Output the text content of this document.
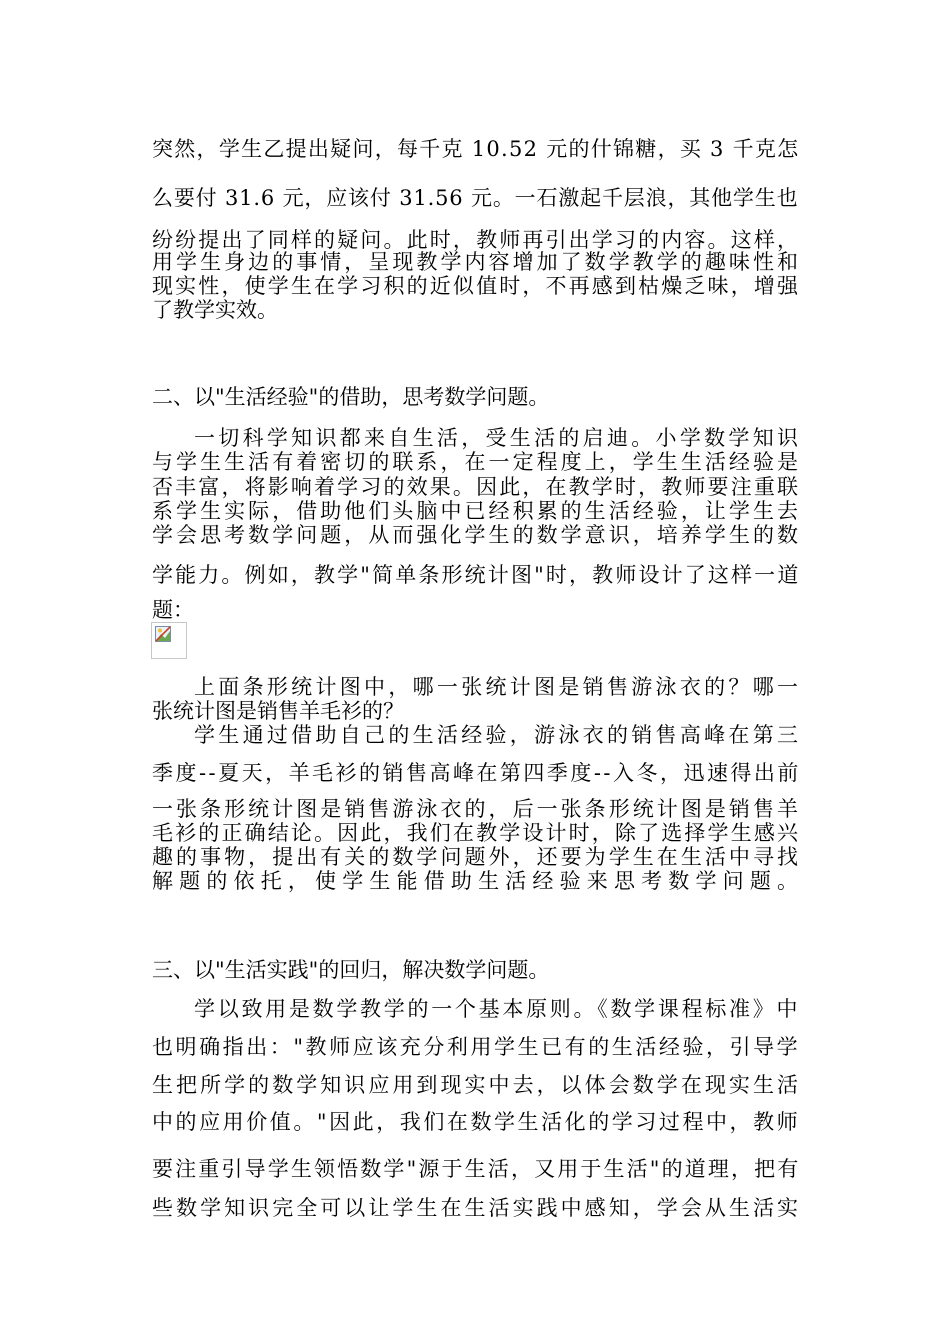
突然，学生乙提出疑问，每千克 10.52 元的什锦糖，买 3 千克怎
么要付 31.6 元，应该付 31.56 元。一石激起千层浪，其他学生也
纷纷提出了同样的疑问。此时，教师再引出学习的内容。这样，
用学生身边的事情，呈现教学内容增加了数学教学的趣味性和
现实性，使学生在学习积的近似值时，不再感到枯燥乏味，增强
了教学实效。
二、以"生活经验"的借助，思考数学问题。
一切科学知识都来自生活，受生活的启迪。小学数学知识
与学生生活有着密切的联系，在一定程度上，学生生活经验是
否丰富，将影响着学习的效果。因此，在教学时，教师要注重联
系学生实际，借助他们头脑中已经积累的生活经验，让学生去
学会思考数学问题，从而强化学生的数学意识，培养学生的数
学能力。例如，教学"简单条形统计图"时，教师设计了这样一道
题：
上面条形统计图中，哪一张统计图是销售游泳衣的？哪一
张统计图是销售羊毛衫的？
学生通过借助自己的生活经验，游泳衣的销售高峰在第三
季度--夏天，羊毛衫的销售高峰在第四季度--入冬，迅速得出前
一张条形统计图是销售游泳衣的，后一张条形统计图是销售羊
毛衫的正确结论。因此，我们在教学设计时，除了选择学生感兴
趣的事物，提出有关的数学问题外，还要为学生在生活中寻找
解题的依托，使学生能借助生活经验来思考数学问题。
三、以"生活实践"的回归，解决数学问题。
学以致用是数学教学的一个基本原则。《数学课程标准》中
也明确指出："教师应该充分利用学生已有的生活经验，引导学
生把所学的数学知识应用到现实中去，以体会数学在现实生活
中的应用价值。"因此，我们在数学生活化的学习过程中，教师
要注重引导学生领悟数学"源于生活，又用于生活"的道理，把有
些数学知识完全可以让学生在生活实践中感知，学会从生活实
